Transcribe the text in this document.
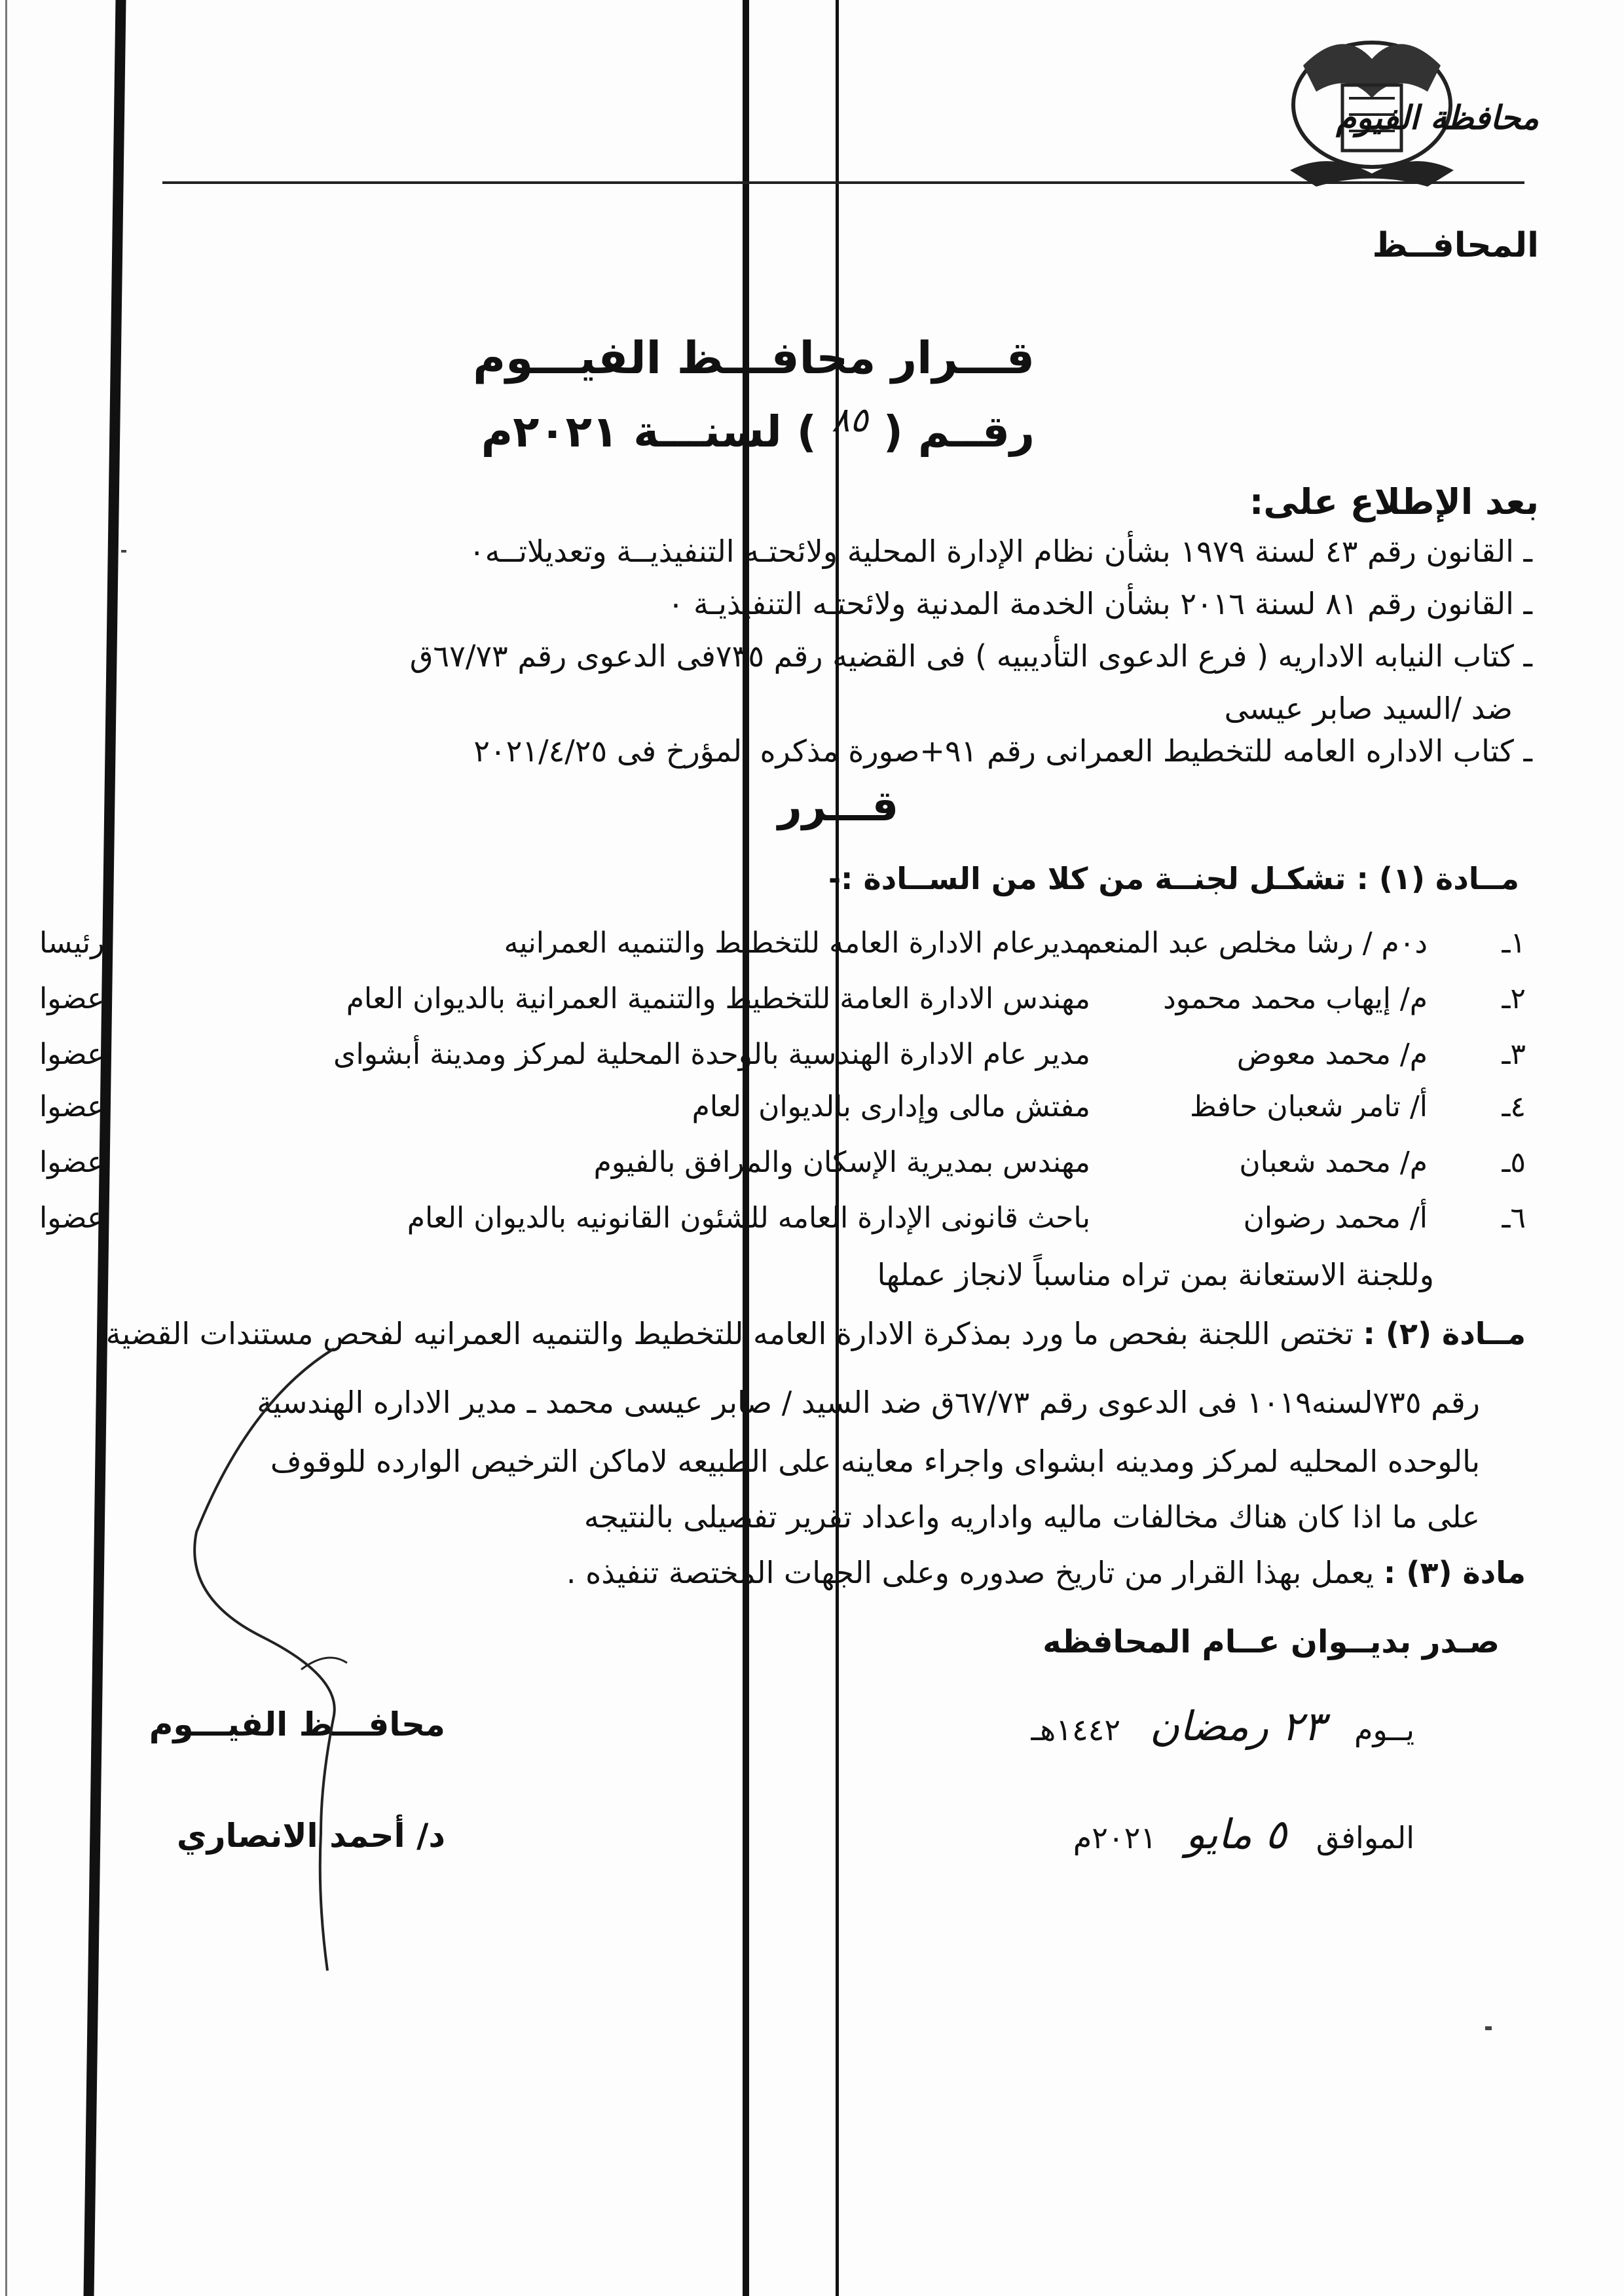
محافظة الفيوم
المحافــظ
قـــرار محافـــظ الفيـــوم
رقــم ( $^{٨٥}$ ) لسنـــة ٢٠٢١م
بعد الإطلاع على:
ـ القانون رقم ٤٣ لسنة ١٩٧٩ بشأن نظام الإدارة المحلية ولائحتـه التنفيذيــة وتعديلاتــه٠
ـ القانون رقم ٨١ لسنة ٢٠١٦ بشأن الخدمة المدنية ولائحتـه التنفيذيـة ٠
ـ كتاب النيابه الاداريه ( فرع الدعوى التأديبيه ) فى القضيه رقم ٧٣٥فى الدعوى رقم ٦٧/٧٣ق
ضد /السيد صابر عيسى
ـ كتاب الاداره العامه للتخطيط العمرانى رقم ٩١+صورة مذكره المؤرخ فى ٢٠٢١/٤/٢٥
قـــرر
مــادة (١) : تشكـل لجنــة من كلا من الســادة :-
١ـ
د٠م / رشا مخلص عبد المنعم
مديرعام الادارة العامه للتخطيط والتنميه العمرانيه
رئيسا
٢ـ
م/ إيهاب محمد محمود
مهندس الادارة العامة للتخطيط والتنمية العمرانية بالديوان العام
عضوا
٣ـ
م/ محمد معوض
مدير عام الادارة الهندسية بالوحدة المحلية لمركز ومدينة أبشواى
عضوا
٤ـ
أ/ تامر شعبان حافظ
مفتش مالى وإدارى بالديوان العام
عضوا
٥ـ
م/ محمد شعبان
مهندس بمديرية الإسكان والمرافق بالفيوم
عضوا
٦ـ
أ/ محمد رضوان
باحث قانونى الإدارة العامه للشئون القانونيه بالديوان العام
عضوا
وللجنة الاستعانة بمن تراه مناسباً لانجاز عملها
مــادة (٢) : تختص اللجنة بفحص ما ورد بمذكرة الادارة العامه للتخطيط والتنميه العمرانيه لفحص مستندات القضية
رقم ٧٣٥لسنه١٠١٩ فى الدعوى رقم ٦٧/٧٣ق ضد السيد / صابر عيسى محمد ـ مدير الاداره الهندسية
بالوحده المحليه لمركز ومدينه ابشواى واجراء معاينه على الطبيعه لاماكن الترخيص الوارده للوقوف
على ما اذا كان هناك مخالفات ماليه واداريه واعداد تقرير تفصيلى بالنتيجه
مادة (٣) : يعمل بهذا القرار من تاريخ صدوره وعلى الجهات المختصة تنفيذه .
صـدر بديــوان عــام المحافظه
يــوم ٢٣ رمضان ١٤٤٢هـ
الموافق ٥ مايو ٢٠٢١م
محافـــظ الفيـــوم
د/ أحمد الانصاري
